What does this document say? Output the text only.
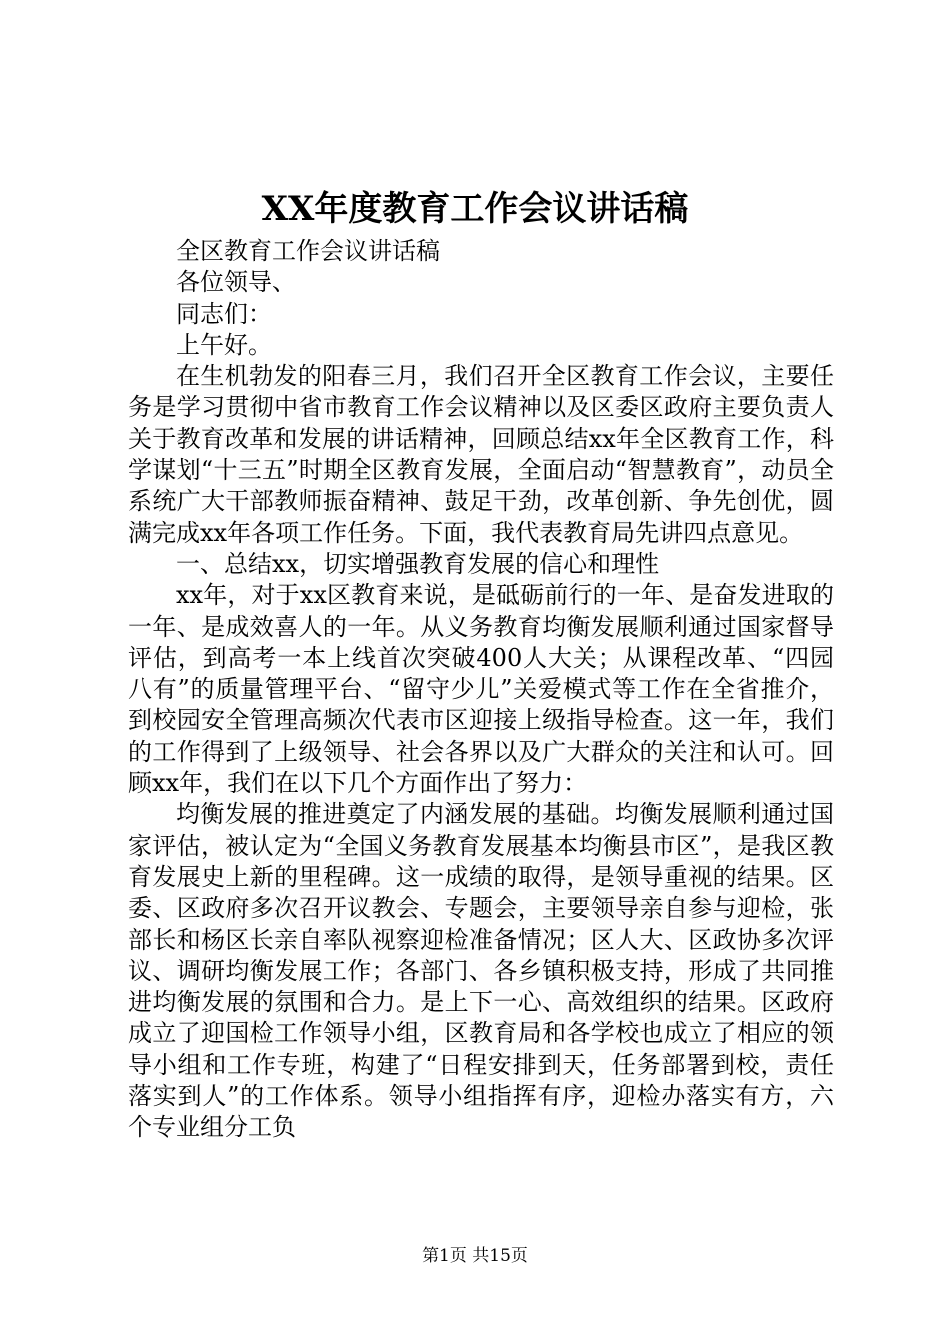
XX年度教育工作会议讲话稿

全区教育工作会议讲话稿

各位领导、

同志们：

上午好。

在生机勃发的阳春三月，我们召开全区教育工作会议，主要任务是学习贯彻中省市教育工作会议精神以及区委区政府主要负责人关于教育改革和发展的讲话精神，回顾总结xx年全区教育工作，科学谋划“十三五”时期全区教育发展，全面启动“智慧教育”，动员全系统广大干部教师振奋精神、鼓足干劲，改革创新、争先创优，圆满完成xx年各项工作任务。下面，我代表教育局先讲四点意见。

一、总结xx，切实增强教育发展的信心和理性

xx年，对于xx区教育来说，是砥砺前行的一年、是奋发进取的一年、是成效喜人的一年。从义务教育均衡发展顺利通过国家督导评估，到高考一本上线首次突破400人大关；从课程改革、“四园八有”的质量管理平台、“留守少儿”关爱模式等工作在全省推介，到校园安全管理高频次代表市区迎接上级指导检查。这一年，我们的工作得到了上级领导、社会各界以及广大群众的关注和认可。回顾xx年，我们在以下几个方面作出了努力：

均衡发展的推进奠定了内涵发展的基础。均衡发展顺利通过国家评估，被认定为“全国义务教育发展基本均衡县市区”，是我区教育发展史上新的里程碑。这一成绩的取得，是领导重视的结果。区委、区政府多次召开议教会、专题会，主要领导亲自参与迎检，张部长和杨区长亲自率队视察迎检准备情况；区人大、区政协多次评议、调研均衡发展工作；各部门、各乡镇积极支持，形成了共同推进均衡发展的氛围和合力。是上下一心、高效组织的结果。区政府成立了迎国检工作领导小组，区教育局和各学校也成立了相应的领导小组和工作专班，构建了“日程安排到天，任务部署到校，责任落实到人”的工作体系。领导小组指挥有序，迎检办落实有方，六个专业组分工负

第1页 共15页
